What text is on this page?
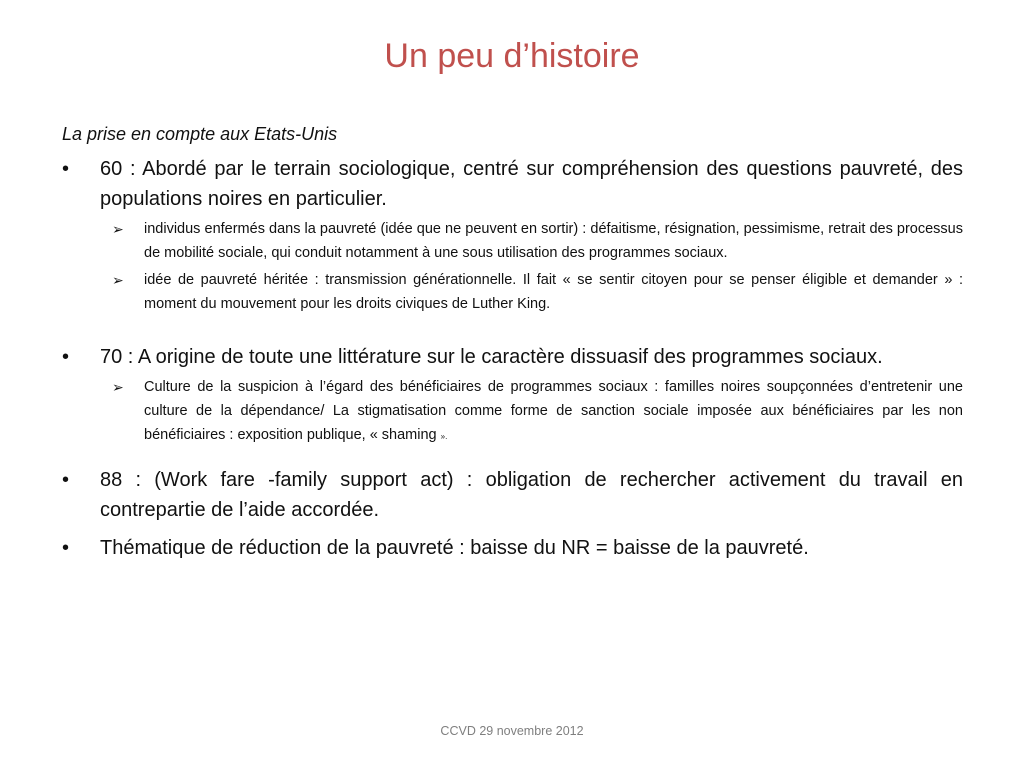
Un peu d’histoire
La prise en compte aux Etats-Unis
•	60 : Abordé par le terrain sociologique, centré sur compréhension des questions pauvreté, des populations noires en particulier.
➢	individus enfermés dans la pauvreté (idée que ne peuvent en sortir) : défaitisme, résignation, pessimisme, retrait des processus de mobilité sociale, qui conduit notamment à une sous utilisation des programmes sociaux.
➢	idée de pauvreté héritée : transmission générationnelle. Il fait « se sentir citoyen pour se penser éligible et demander » : moment du mouvement pour les droits civiques de Luther King.
•	70 : A origine de toute une littérature sur le caractère dissuasif des programmes sociaux.
➢	Culture de la suspicion à l’égard des bénéficiaires de programmes sociaux : familles noires soupçonnées d’entretenir une culture de la dépendance/ La stigmatisation comme forme de sanction sociale imposée aux bénéficiaires par les non bénéficiaires : exposition publique, « shaming ».
•	88 : (Work fare -family support act) : obligation de rechercher activement du travail en contrepartie de l’aide accordée.
•	Thématique de réduction de la pauvreté : baisse du NR = baisse de la pauvreté.
CCVD 29 novembre 2012
